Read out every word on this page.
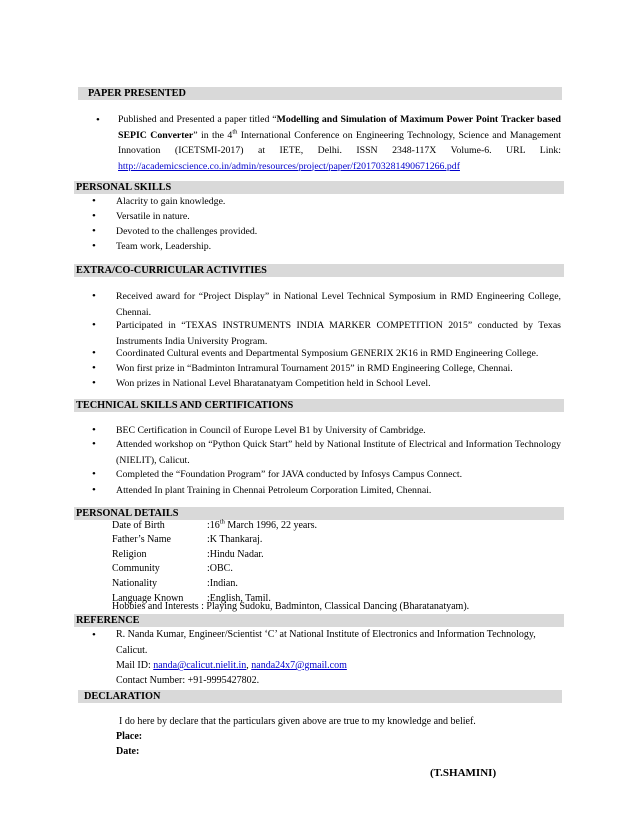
PAPER PRESENTED
• Published and Presented a paper titled “Modelling and Simulation of Maximum Power Point Tracker based SEPIC Converter” in the 4th International Conference on Engineering Technology, Science and Management Innovation (ICETSMI-2017) at IETE, Delhi. ISSN 2348-117X Volume-6. URL Link: http://academicscience.co.in/admin/resources/project/paper/f201703281490671266.pdf
PERSONAL SKILLS
• Alacrity to gain knowledge.
• Versatile in nature.
• Devoted to the challenges provided.
• Team work, Leadership.
EXTRA/CO-CURRICULAR ACTIVITIES
• Received award for “Project Display” in National Level Technical Symposium in RMD Engineering College, Chennai.
• Participated in “TEXAS INSTRUMENTS INDIA MARKER COMPETITION 2015” conducted by Texas Instruments India University Program.
• Coordinated Cultural events and Departmental Symposium GENERIX 2K16 in RMD Engineering College.
• Won first prize in “Badminton Intramural Tournament 2015” in RMD Engineering College, Chennai.
• Won prizes in National Level Bharatanatyam Competition held in School Level.
TECHNICAL SKILLS AND CERTIFICATIONS
• BEC Certification in Council of Europe Level B1 by University of Cambridge.
• Attended workshop on “Python Quick Start” held by National Institute of Electrical and Information Technology (NIELIT), Calicut.
• Completed the “Foundation Program” for JAVA conducted by Infosys Campus Connect.
• Attended In plant Training in Chennai Petroleum Corporation Limited, Chennai.
PERSONAL DETAILS
Date of Birth	:16th March 1996, 22 years.
Father’s Name	:K Thankaraj.
Religion	:Hindu Nadar.
Community	:OBC.
Nationality	:Indian.
Language Known :English, Tamil.
Hobbies and Interests : Playing Sudoku, Badminton, Classical Dancing (Bharatanatyam).
REFERENCE
• R. Nanda Kumar, Engineer/Scientist ‘C’ at National Institute of Electronics and Information Technology,
Calicut.
Mail ID: nanda@calicut.nielit.in, nanda24x7@gmail.com
Contact Number: +91-9995427802.
DECLARATION
I do here by declare that the particulars given above are true to my knowledge and belief.
Place:
Date:
(T.SHAMINI)
